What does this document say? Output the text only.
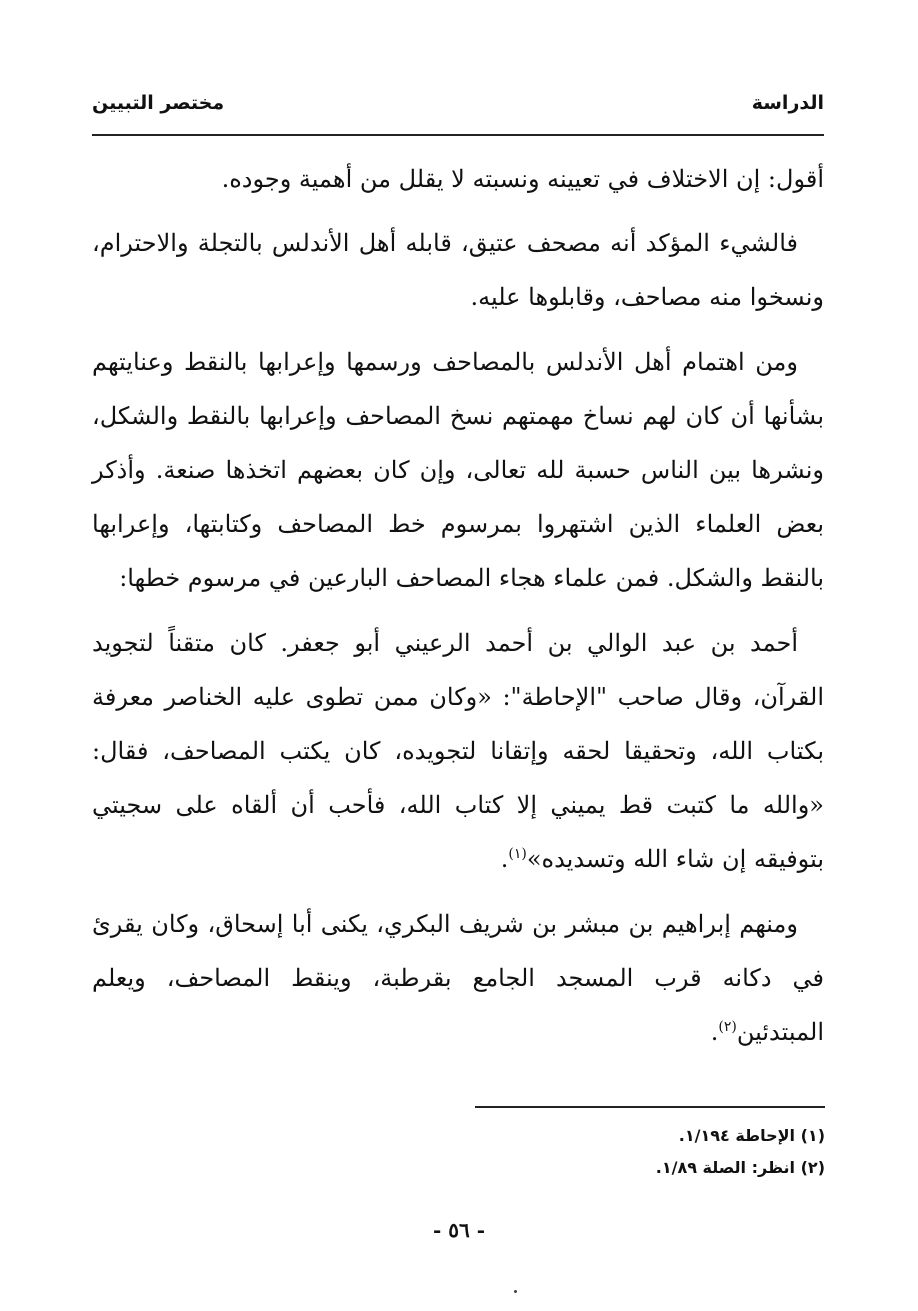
الدراسة
مختصر التبيين

أقول: إن الاختلاف في تعيينه ونسبته لا يقلل من أهمية وجوده.

فالشيء المؤكد أنه مصحف عتيق، قابله أهل الأندلس بالتجلة والاحترام، ونسخوا منه مصاحف، وقابلوها عليه.

ومن اهتمام أهل الأندلس بالمصاحف ورسمها وإعرابها بالنقط وعنايتهم بشأنها أن كان لهم نساخ مهمتهم نسخ المصاحف وإعرابها بالنقط والشكل، ونشرها بين الناس حسبة لله تعالى، وإن كان بعضهم اتخذها صنعة. وأذكر بعض العلماء الذين اشتهروا بمرسوم خط المصاحف وكتابتها، وإعرابها بالنقط والشكل. فمن علماء هجاء المصاحف البارعين في مرسوم خطها:

أحمد بن عبد الوالي بن أحمد الرعيني أبو جعفر. كان متقناً لتجويد القرآن، وقال صاحب "الإحاطة": «وكان ممن تطوى عليه الخناصر معرفة بكتاب الله، وتحقيقا لحقه وإتقانا لتجويده، كان يكتب المصاحف، فقال: «والله ما كتبت قط يميني إلا كتاب الله، فأحب أن ألقاه على سجيتي بتوفيقه إن شاء الله وتسديده»$^{(١)}$.

ومنهم إبراهيم بن مبشر بن شريف البكري، يكنى أبا إسحاق، وكان يقرئ في دكانه قرب المسجد الجامع بقرطبة، وينقط المصاحف، ويعلم المبتدئين$^{(٢)}$.

(١) الإحاطة ١/١٩٤.
(٢) انظر: الصلة ١/٨٩.
- ٥٦ -
